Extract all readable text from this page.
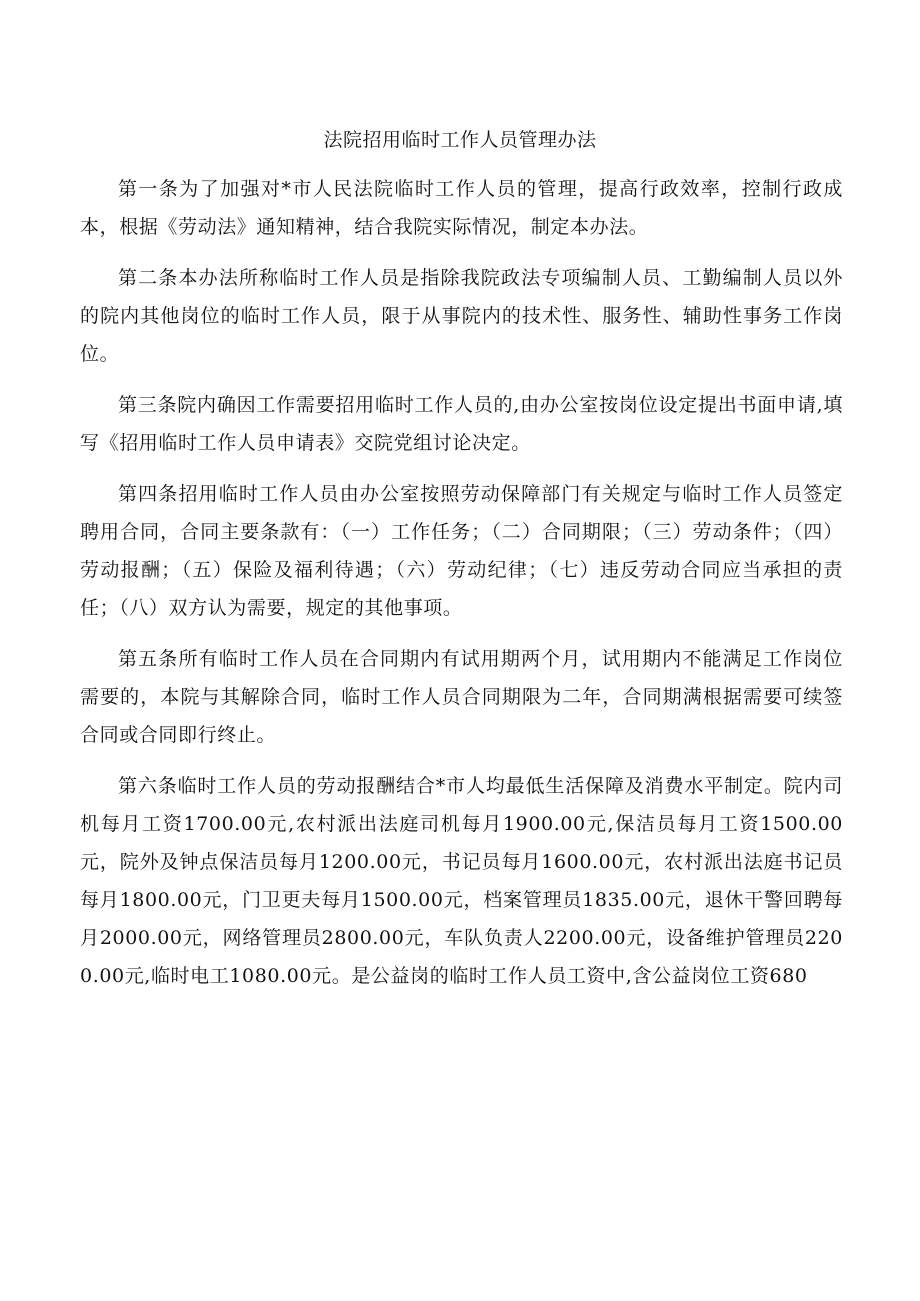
法院招用临时工作人员管理办法

第一条为了加强对*市人民法院临时工作人员的管理，提高行政效率，控制行政成本，根据《劳动法》通知精神，结合我院实际情况，制定本办法。

第二条本办法所称临时工作人员是指除我院政法专项编制人员、工勤编制人员以外的院内其他岗位的临时工作人员，限于从事院内的技术性、服务性、辅助性事务工作岗位。

第三条院内确因工作需要招用临时工作人员的,由办公室按岗位设定提出书面申请,填写《招用临时工作人员申请表》交院党组讨论决定。

第四条招用临时工作人员由办公室按照劳动保障部门有关规定与临时工作人员签定聘用合同，合同主要条款有：（一）工作任务；（二）合同期限；（三）劳动条件；（四）劳动报酬；（五）保险及福利待遇；（六）劳动纪律；（七）违反劳动合同应当承担的责任；（八）双方认为需要，规定的其他事项。

第五条所有临时工作人员在合同期内有试用期两个月，试用期内不能满足工作岗位需要的，本院与其解除合同，临时工作人员合同期限为二年，合同期满根据需要可续签合同或合同即行终止。

第六条临时工作人员的劳动报酬结合*市人均最低生活保障及消费水平制定。院内司机每月工资1700.00元,农村派出法庭司机每月1900.00元,保洁员每月工资1500.00元，院外及钟点保洁员每月1200.00元，书记员每月1600.00元，农村派出法庭书记员每月1800.00元，门卫更夫每月1500.00元，档案管理员1835.00元，退休干警回聘每月2000.00元，网络管理员2800.00元，车队负责人2200.00元，设备维护管理员2200.00元,临时电工1080.00元。是公益岗的临时工作人员工资中,含公益岗位工资680
